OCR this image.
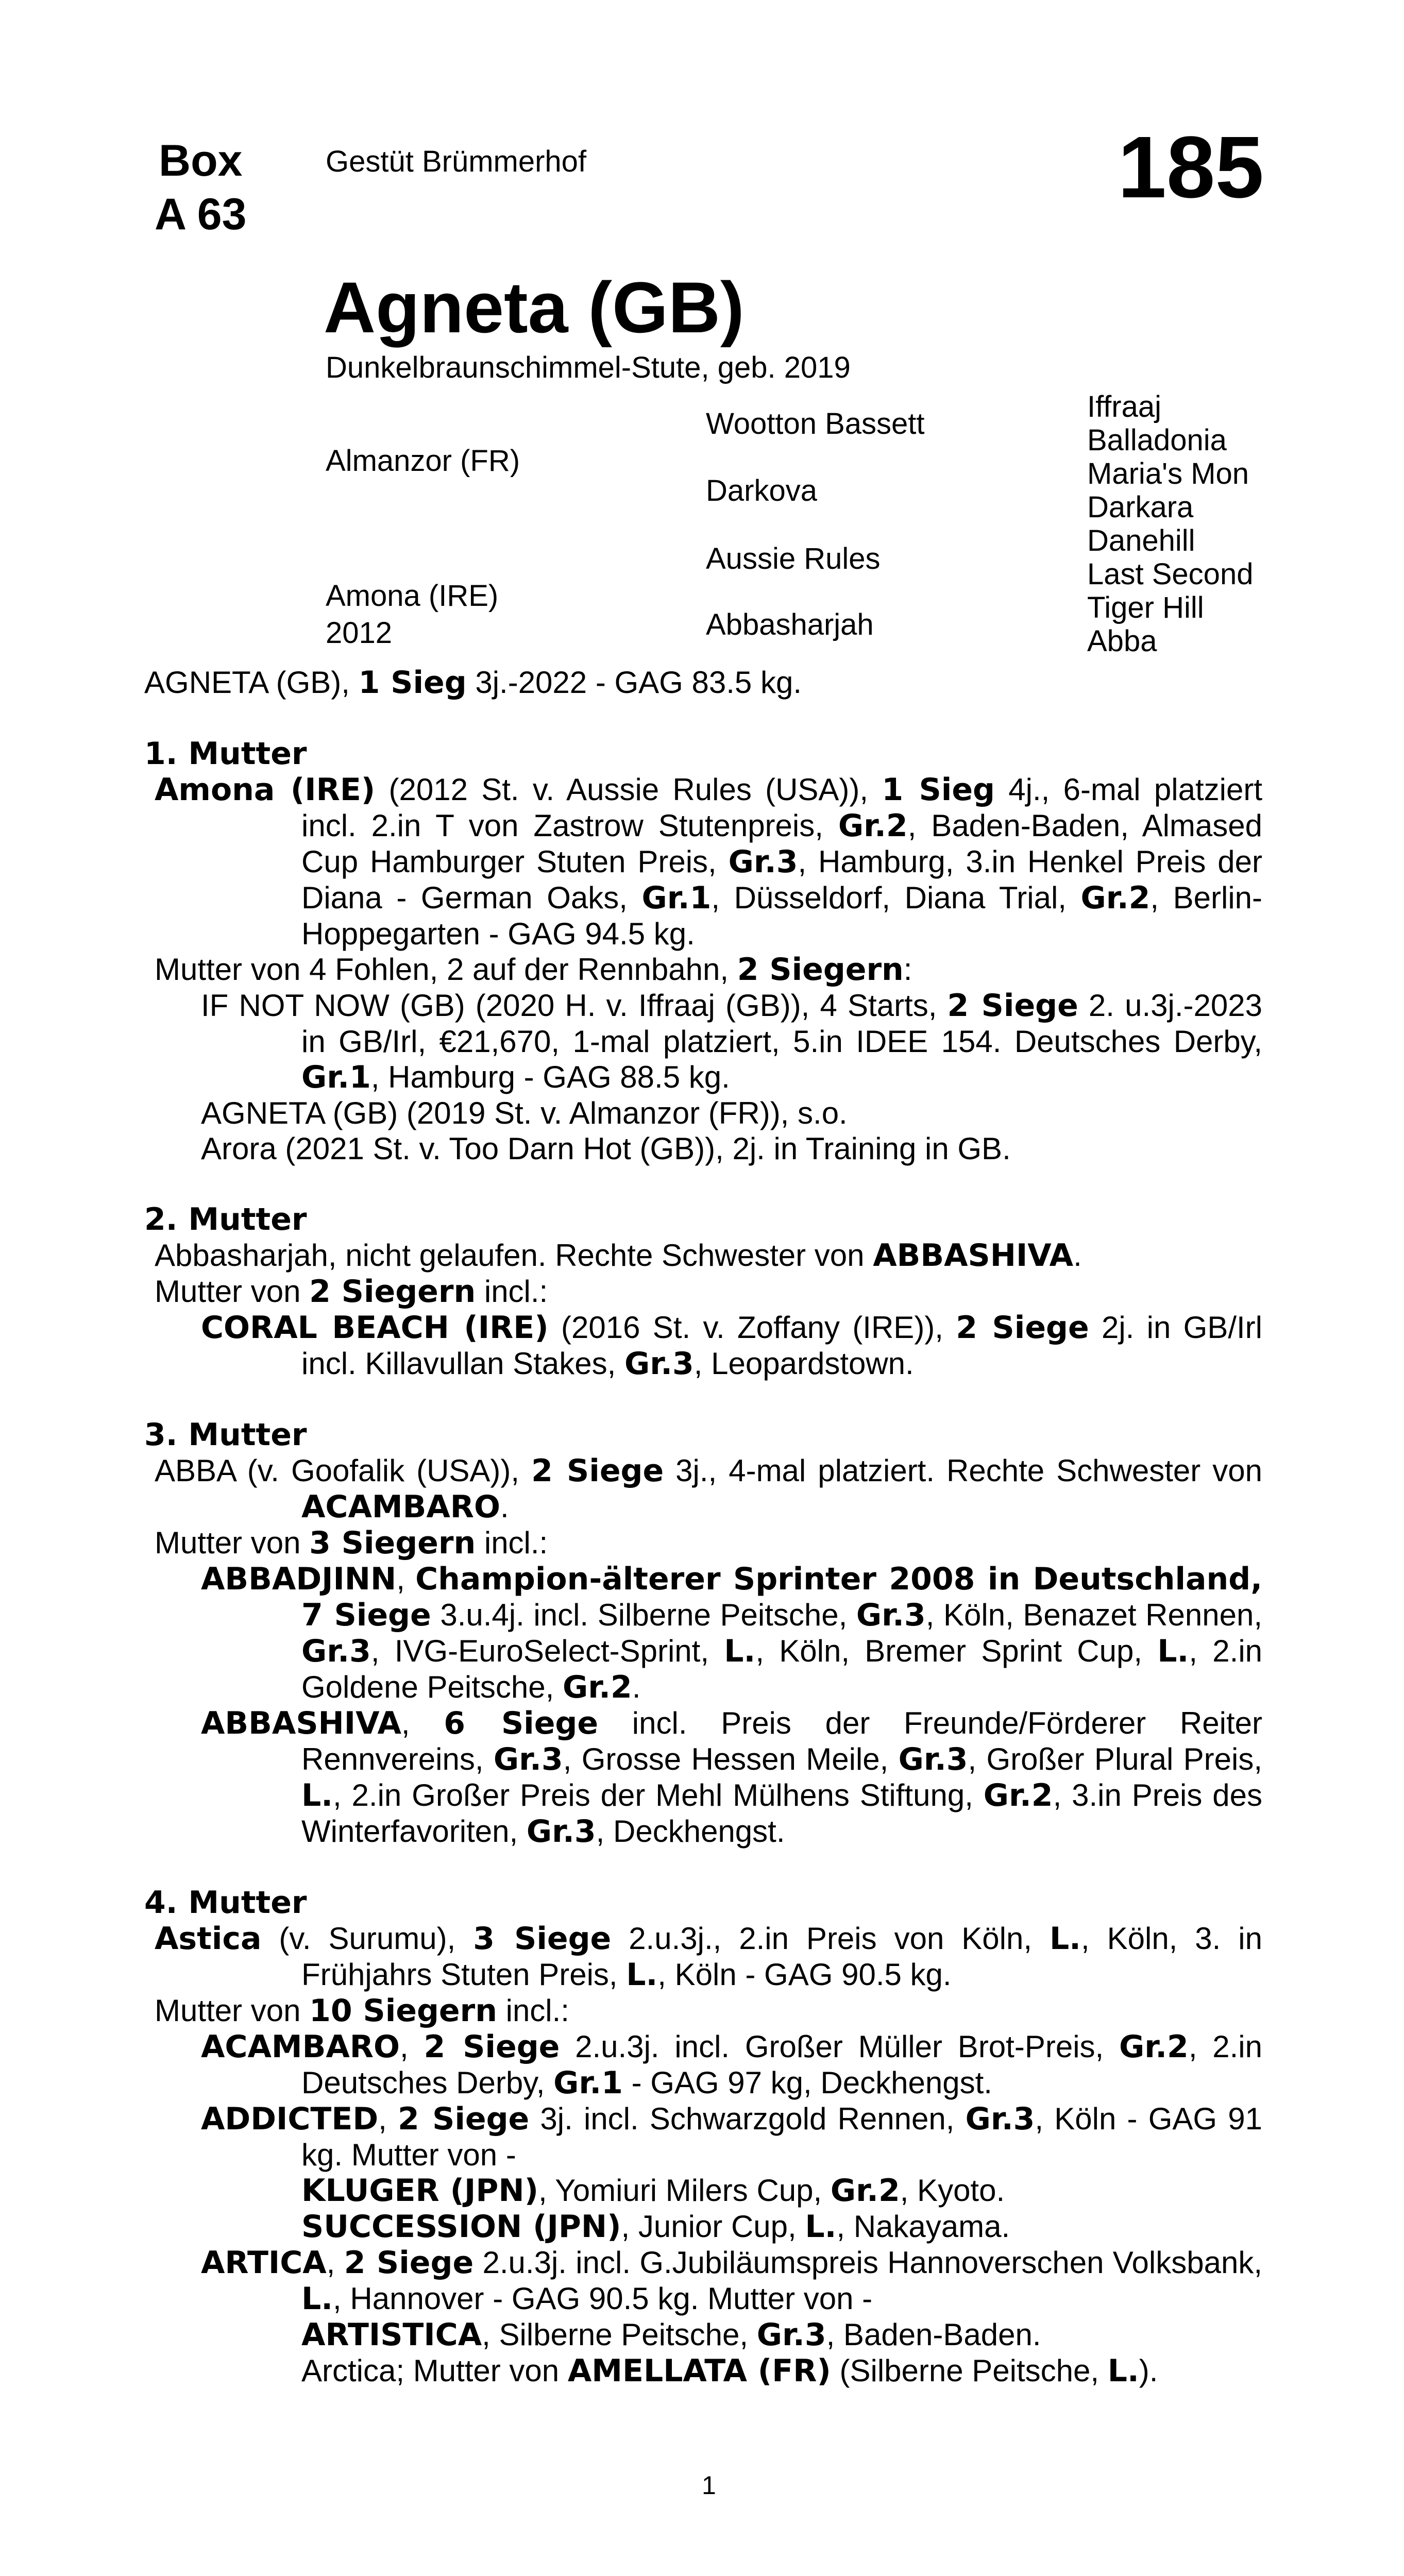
Box
A 63
Gestüt Brümmerhof	185
Agneta (GB)
Dunkelbraunschimmel-Stute, geb. 2019
Almanzor (FR)
Amona (IRE)
2012
Wootton Bassett
Darkova
Aussie Rules
Abbasharjah
Iffraaj
Balladonia
Maria's Mon
Darkara
Danehill
Last Second
Tiger Hill
Abba
AGNETA (GB), 1 Sieg 3j.-2022 - GAG 83.5 kg.
1. Mutter
Amona (IRE) (2012 St. v. Aussie Rules (USA)), 1 Sieg 4j., 6-mal platziert incl. 2.in T von Zastrow Stutenpreis, Gr.2, Baden-Baden, Almased Cup Hamburger Stuten Preis, Gr.3, Hamburg, 3.in Henkel Preis der Diana - German Oaks, Gr.1, Düsseldorf, Diana Trial, Gr.2, Berlin-Hoppegarten - GAG 94.5 kg.
Mutter von 4 Fohlen, 2 auf der Rennbahn, 2 Siegern:
IF NOT NOW (GB) (2020 H. v. Iffraaj (GB)), 4 Starts, 2 Siege 2. u.3j.-2023 in GB/Irl, €21,670, 1-mal platziert, 5.in IDEE 154. Deutsches Derby, Gr.1, Hamburg - GAG 88.5 kg.
AGNETA (GB) (2019 St. v. Almanzor (FR)), s.o.
Arora (2021 St. v. Too Darn Hot (GB)), 2j. in Training in GB.
2. Mutter
Abbasharjah, nicht gelaufen. Rechte Schwester von ABBASHIVA.
Mutter von 2 Siegern incl.:
CORAL BEACH (IRE) (2016 St. v. Zoffany (IRE)), 2 Siege 2j. in GB/Irl incl. Killavullan Stakes, Gr.3, Leopardstown.
3. Mutter
ABBA (v. Goofalik (USA)), 2 Siege 3j., 4-mal platziert. Rechte Schwester von ACAMBARO.
Mutter von 3 Siegern incl.:
ABBADJINN, Champion-älterer Sprinter 2008 in Deutschland, 7 Siege 3.u.4j. incl. Silberne Peitsche, Gr.3, Köln, Benazet Rennen, Gr.3, IVG-EuroSelect-Sprint, L., Köln, Bremer Sprint Cup, L., 2.in Goldene Peitsche, Gr.2.
ABBASHIVA, 6 Siege incl. Preis der Freunde/Förderer Reiter Rennvereins, Gr.3, Grosse Hessen Meile, Gr.3, Großer Plural Preis, L., 2.in Großer Preis der Mehl Mülhens Stiftung, Gr.2, 3.in Preis des Winterfavoriten, Gr.3, Deckhengst.
4. Mutter
Astica (v. Surumu), 3 Siege 2.u.3j., 2.in Preis von Köln, L., Köln, 3. in Frühjahrs Stuten Preis, L., Köln - GAG 90.5 kg.
Mutter von 10 Siegern incl.:
ACAMBARO, 2 Siege 2.u.3j. incl. Großer Müller Brot-Preis, Gr.2, 2.in Deutsches Derby, Gr.1 - GAG 97 kg, Deckhengst.
ADDICTED, 2 Siege 3j. incl. Schwarzgold Rennen, Gr.3, Köln - GAG 91 kg. Mutter von -
KLUGER (JPN), Yomiuri Milers Cup, Gr.2, Kyoto.
SUCCESSION (JPN), Junior Cup, L., Nakayama.
ARTICA, 2 Siege 2.u.3j. incl. G.Jubiläumspreis Hannoverschen Volksbank, L., Hannover - GAG 90.5 kg. Mutter von -
ARTISTICA, Silberne Peitsche, Gr.3, Baden-Baden.
Arctica; Mutter von AMELLATA (FR) (Silberne Peitsche, L.).
1
